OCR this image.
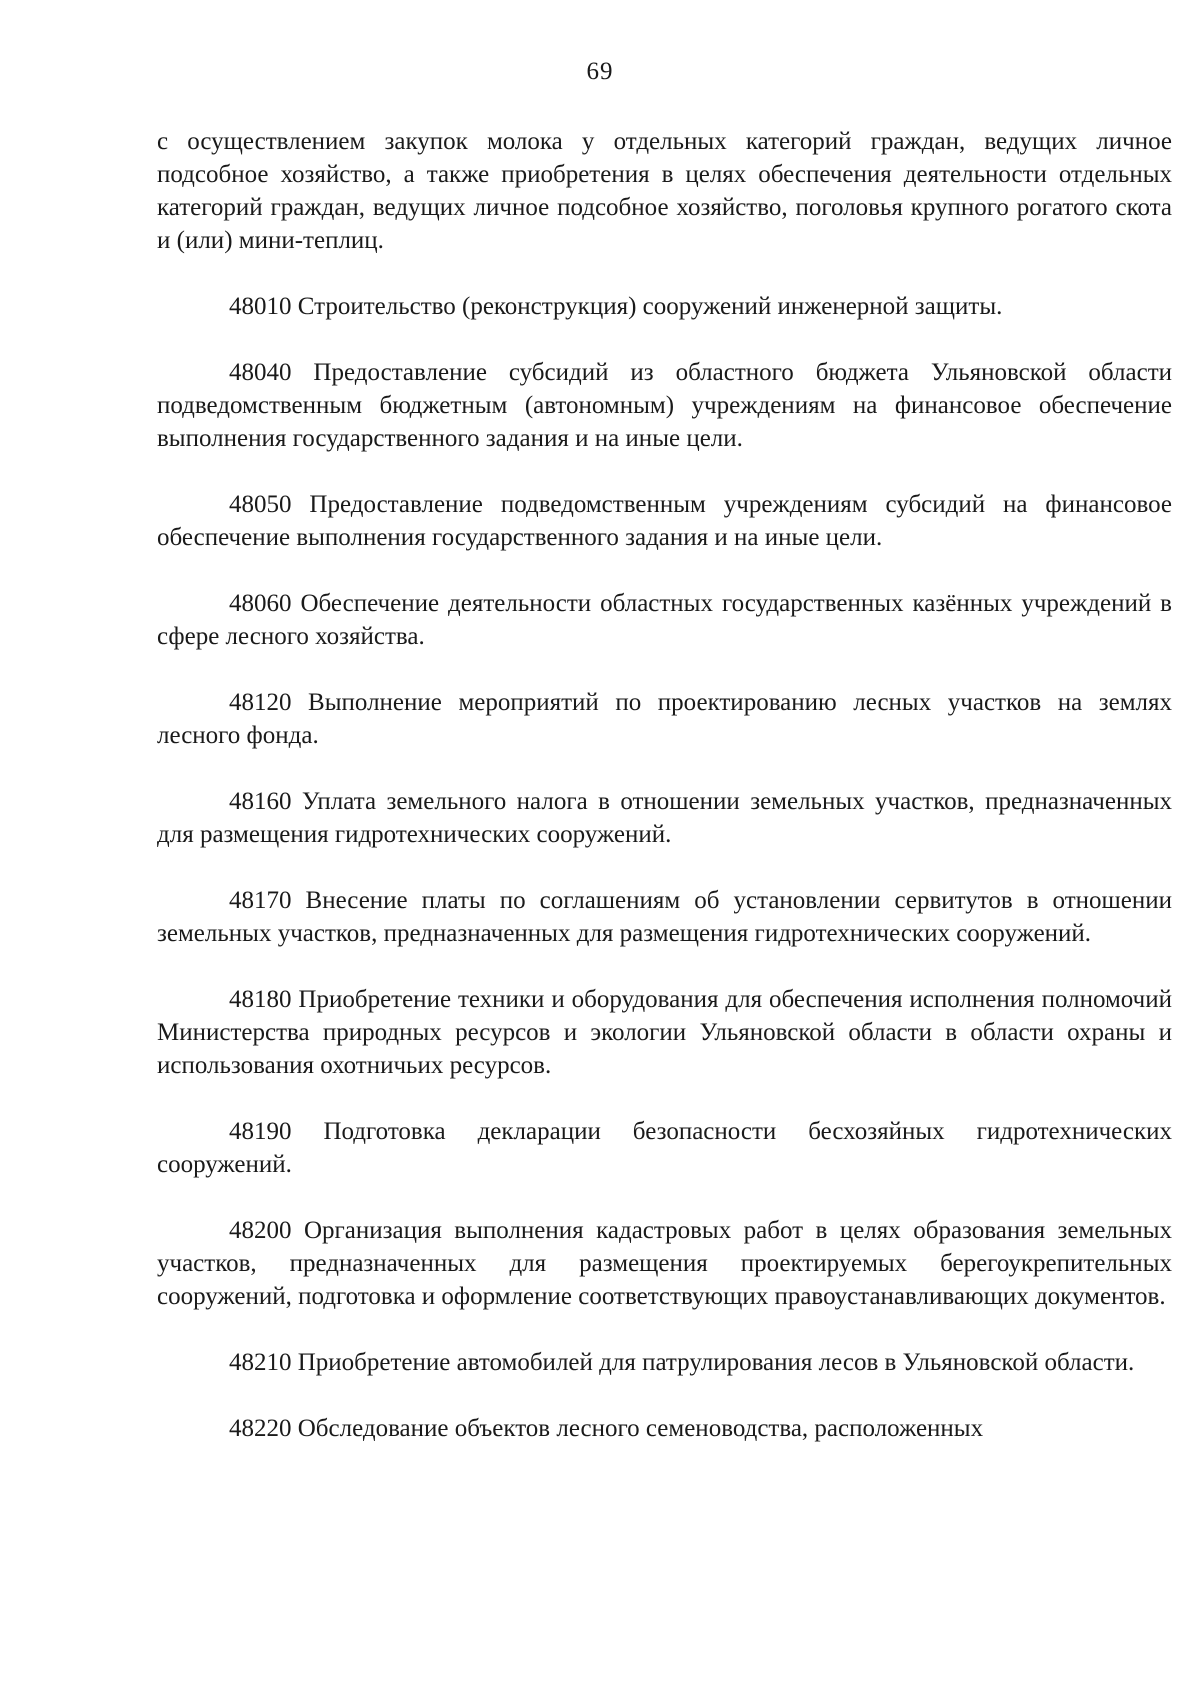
69

с осуществлением закупок молока у отдельных категорий граждан, ведущих личное подсобное хозяйство, а также приобретения в целях обеспечения деятельности отдельных категорий граждан, ведущих личное подсобное хозяйство, поголовья крупного рогатого скота и (или) мини-теплиц.

48010 Строительство (реконструкция) сооружений инженерной защиты.

48040 Предоставление субсидий из областного бюджета Ульяновской области подведомственным бюджетным (автономным) учреждениям на финансовое обеспечение выполнения государственного задания и на иные цели.

48050 Предоставление подведомственным учреждениям субсидий на финансовое обеспечение выполнения государственного задания и на иные цели.

48060 Обеспечение деятельности областных государственных казённых учреждений в сфере лесного хозяйства.

48120 Выполнение мероприятий по проектированию лесных участков на землях лесного фонда.

48160 Уплата земельного налога в отношении земельных участков, предназначенных для размещения гидротехнических сооружений.

48170 Внесение платы по соглашениям об установлении сервитутов в отношении земельных участков, предназначенных для размещения гидротехнических сооружений.

48180 Приобретение техники и оборудования для обеспечения исполнения полномочий Министерства природных ресурсов и экологии Ульяновской области в области охраны и использования охотничьих ресурсов.

48190 Подготовка декларации безопасности бесхозяйных гидротехнических сооружений.

48200 Организация выполнения кадастровых работ в целях образования земельных участков, предназначенных для размещения проектируемых берегоукрепительных сооружений, подготовка и оформление соответствующих правоустанавливающих документов.

48210 Приобретение автомобилей для патрулирования лесов в Ульяновской области.

48220 Обследование объектов лесного семеноводства, расположенных
